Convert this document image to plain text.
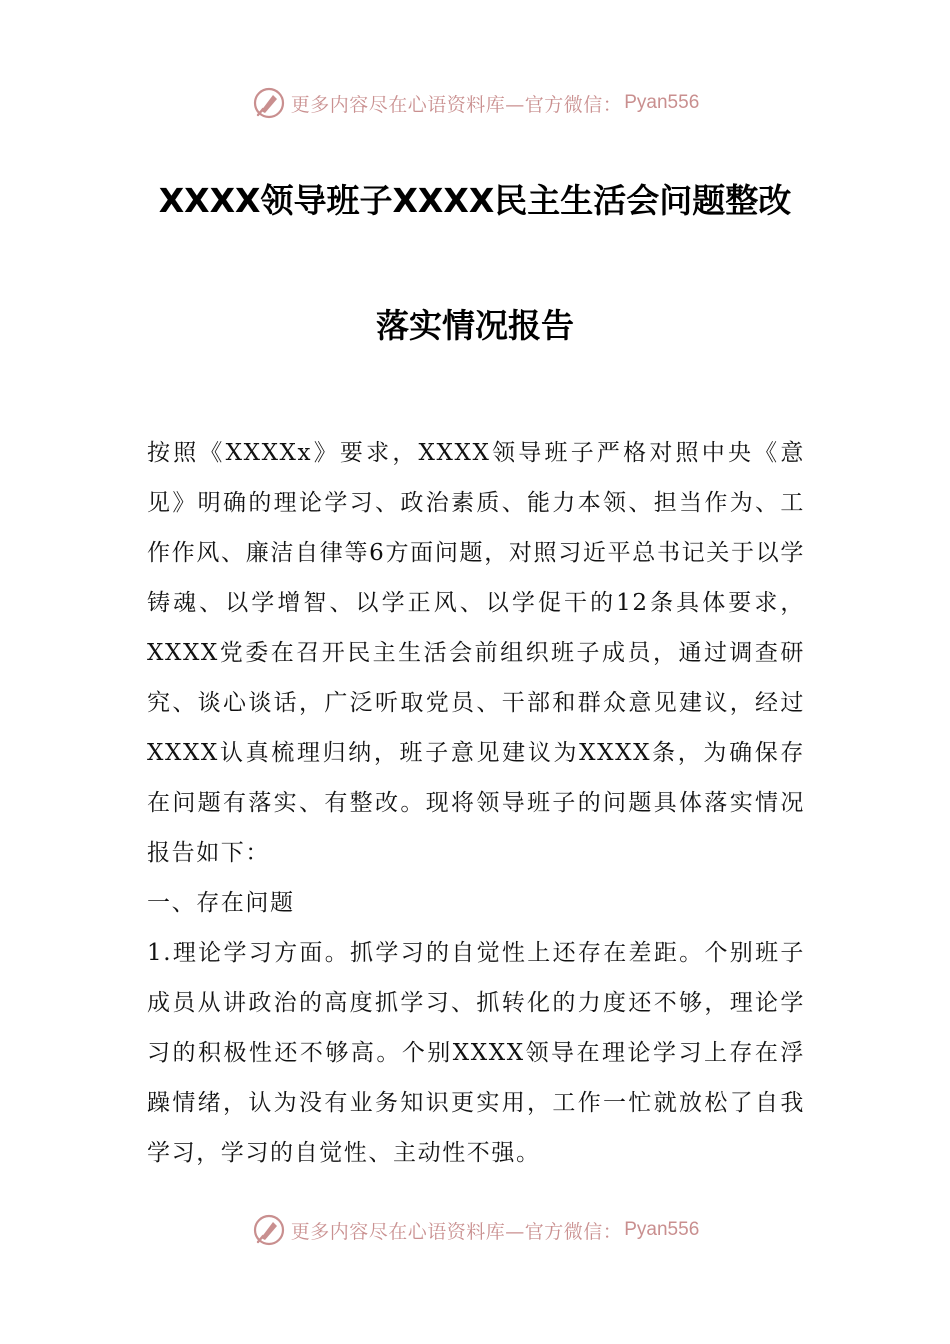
更多内容尽在心语资料库—官方微信： Pyan556
XXXX领导班子XXXX民主生活会问题整改
落实情况报告

按照《XXXXx》要求，XXXX领导班子严格对照中央《意见》明确的理论学习、政治素质、能力本领、担当作为、工作作风、廉洁自律等6方面问题，对照习近平总书记关于以学铸魂、以学增智、以学正风、以学促干的12条具体要求，XXXX党委在召开民主生活会前组织班子成员，通过调查研究、谈心谈话，广泛听取党员、干部和群众意见建议，经过XXXX认真梳理归纳，班子意见建议为XXXX条，为确保存在问题有落实、有整改。现将领导班子的问题具体落实情况报告如下：

一、存在问题

1.理论学习方面。抓学习的自觉性上还存在差距。个别班子成员从讲政治的高度抓学习、抓转化的力度还不够，理论学习的积极性还不够高。个别XXXX领导在理论学习上存在浮躁情绪，认为没有业务知识更实用，工作一忙就放松了自我学习，学习的自觉性、主动性不强。

更多内容尽在心语资料库—官方微信： Pyan556
